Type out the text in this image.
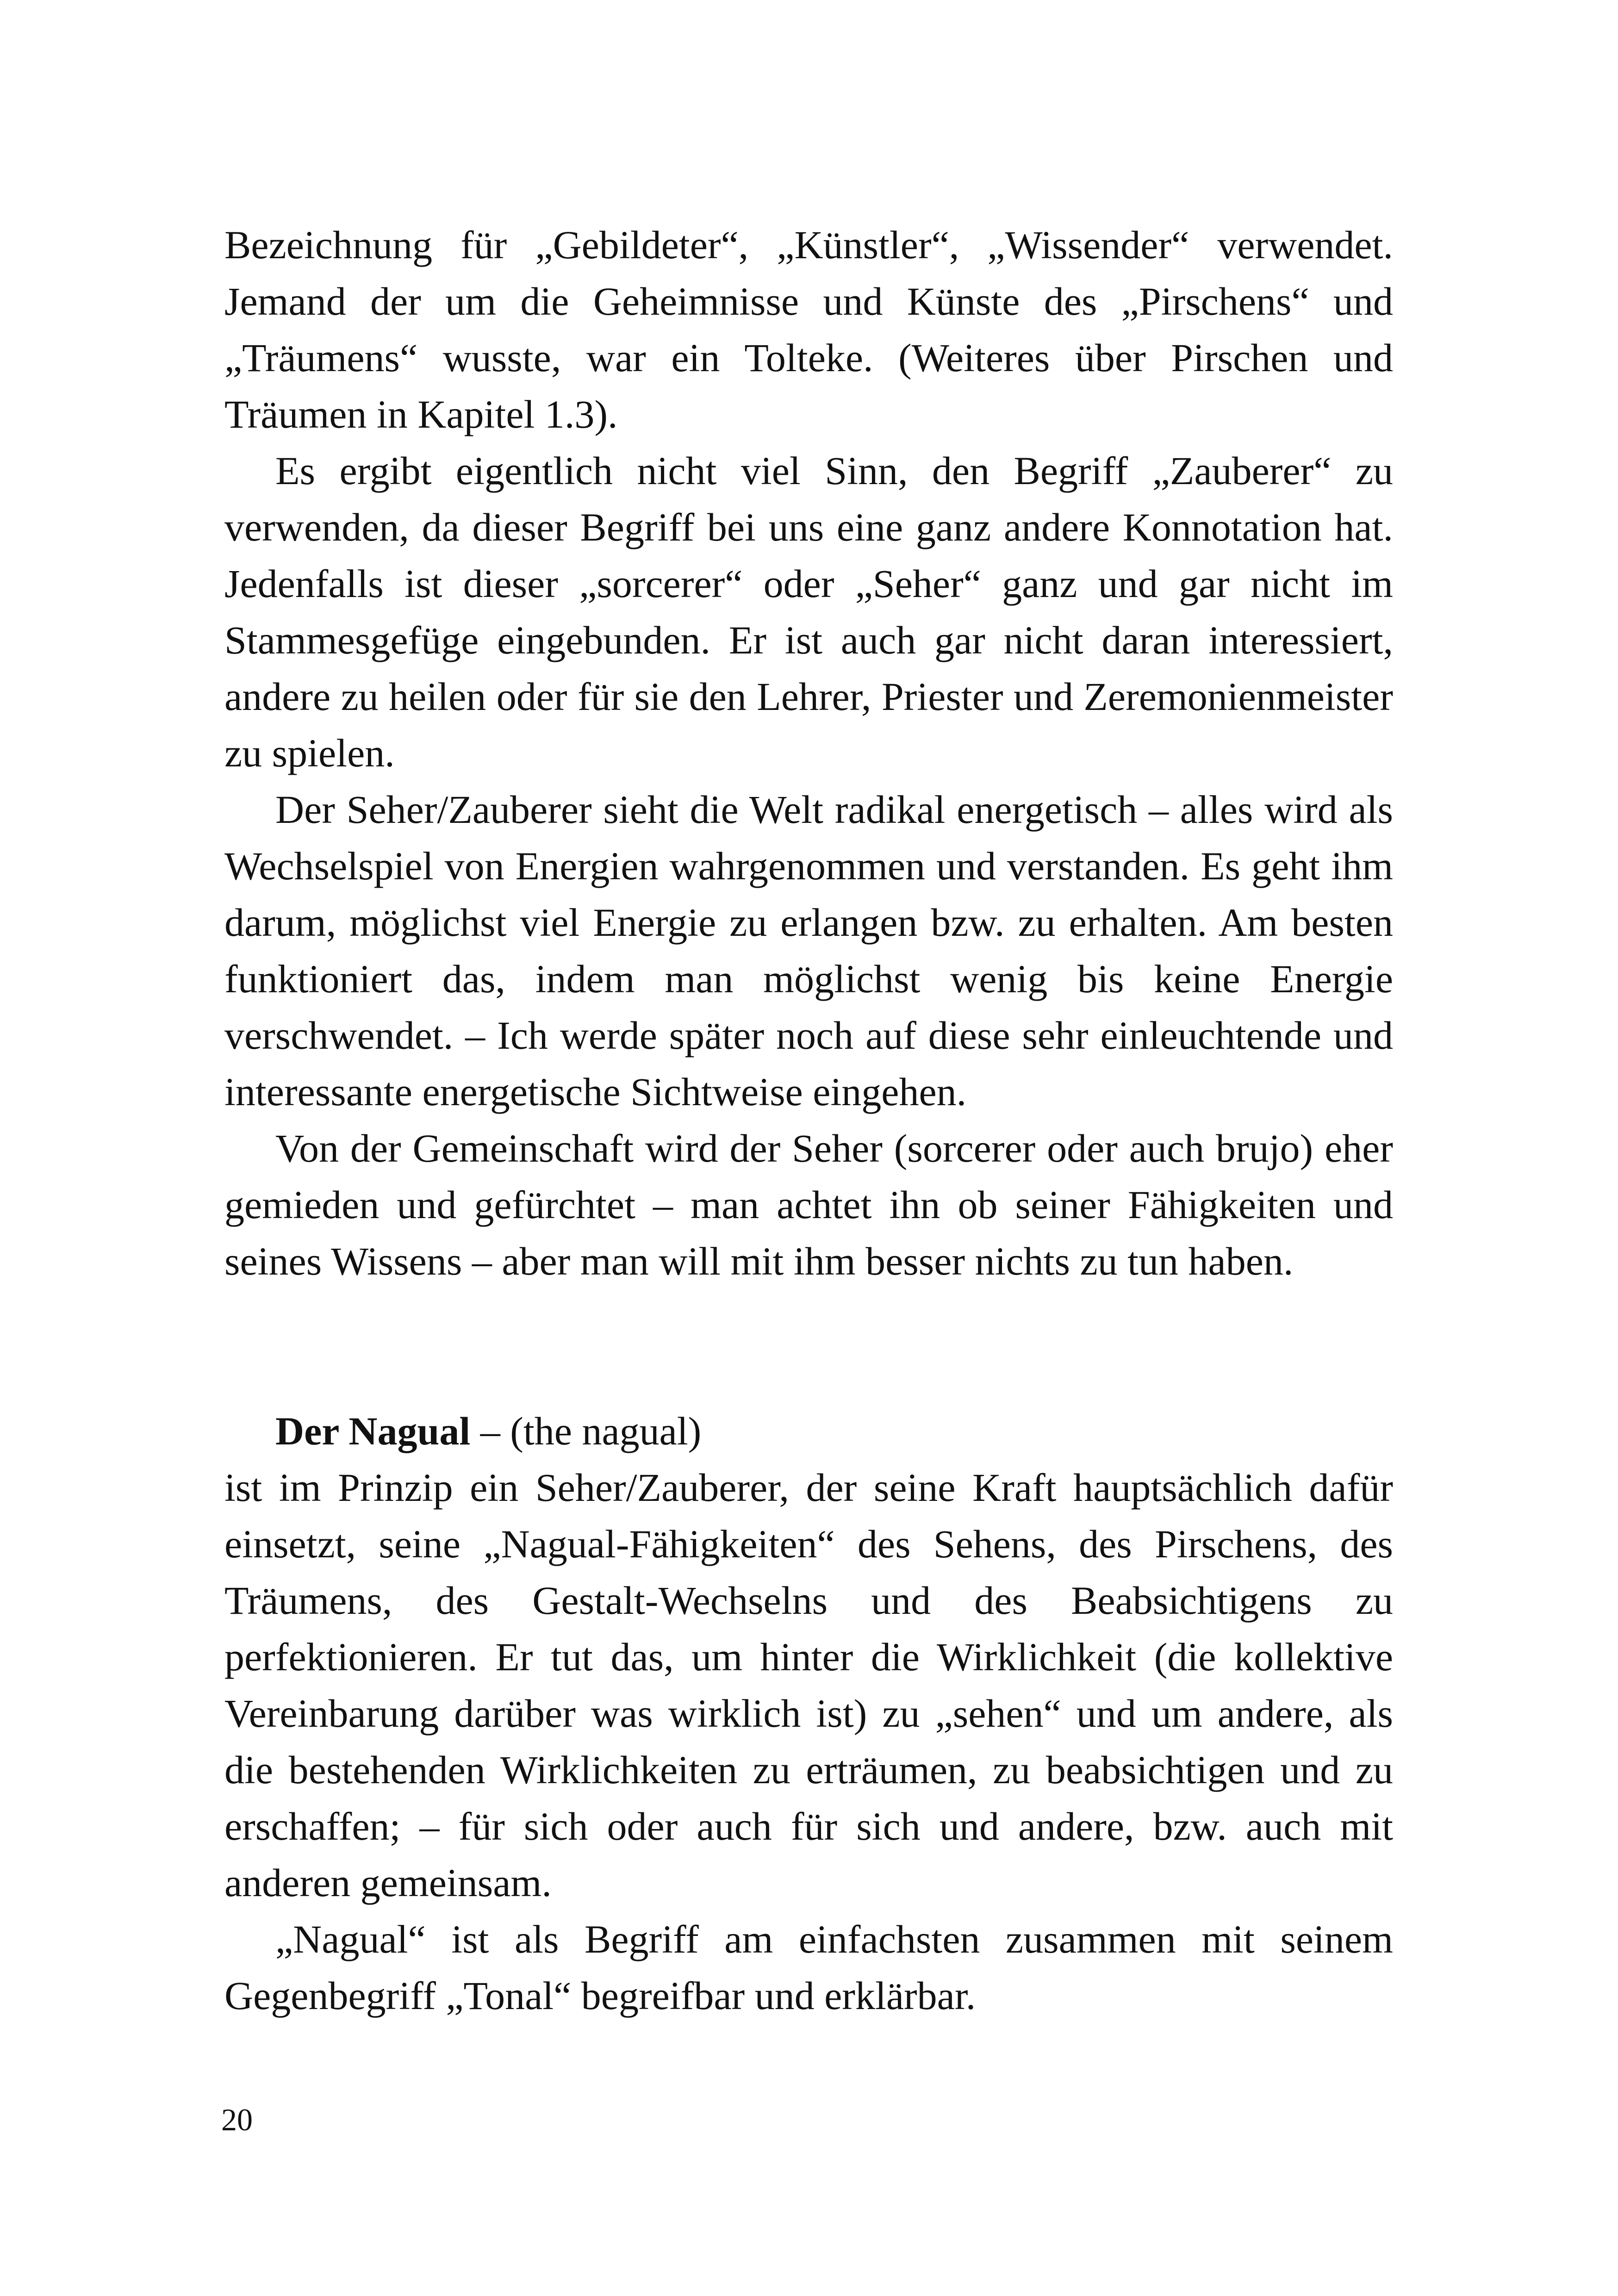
Bezeichnung für „Gebildeter“, „Künstler“, „Wissender“ verwendet. Jemand der um die Geheimnisse und Künste des „Pirschens“ und „Träumens“ wusste, war ein Tolteke. (Weiteres über Pirschen und Träumen in Kapitel 1.3).

Es ergibt eigentlich nicht viel Sinn, den Begriff „Zauberer“ zu verwenden, da dieser Begriff bei uns eine ganz andere Konnotation hat. Jedenfalls ist dieser „sorcerer“ oder „Seher“ ganz und gar nicht im Stammesgefüge eingebunden. Er ist auch gar nicht daran interessiert, andere zu heilen oder für sie den Lehrer, Priester und Zeremonienmeister zu spielen.

Der Seher/Zauberer sieht die Welt radikal energetisch – alles wird als Wechselspiel von Energien wahrgenommen und verstanden. Es geht ihm darum, möglichst viel Energie zu erlangen bzw. zu erhalten. Am besten funktioniert das, indem man möglichst wenig bis keine Energie verschwendet. – Ich werde später noch auf diese sehr einleuchtende und interessante energetische Sichtweise eingehen.

Von der Gemeinschaft wird der Seher (sorcerer oder auch brujo) eher gemieden und gefürchtet – man achtet ihn ob seiner Fähigkeiten und seines Wissens – aber man will mit ihm besser nichts zu tun haben.

Der Nagual – (the nagual)

ist im Prinzip ein Seher/Zauberer, der seine Kraft hauptsächlich dafür einsetzt, seine „Nagual-Fähigkeiten“ des Sehens, des Pirschens, des Träumens, des Gestalt-Wechselns und des Beabsichtigens zu perfektionieren. Er tut das, um hinter die Wirklichkeit (die kollektive Vereinbarung darüber was wirklich ist) zu „sehen“ und um andere, als die bestehenden Wirklichkeiten zu erträumen, zu beabsichtigen und zu erschaffen; – für sich oder auch für sich und andere, bzw. auch mit anderen gemeinsam.

„Nagual“ ist als Begriff am einfachsten zusammen mit seinem Gegenbegriff „Tonal“ begreifbar und erklärbar.

20
